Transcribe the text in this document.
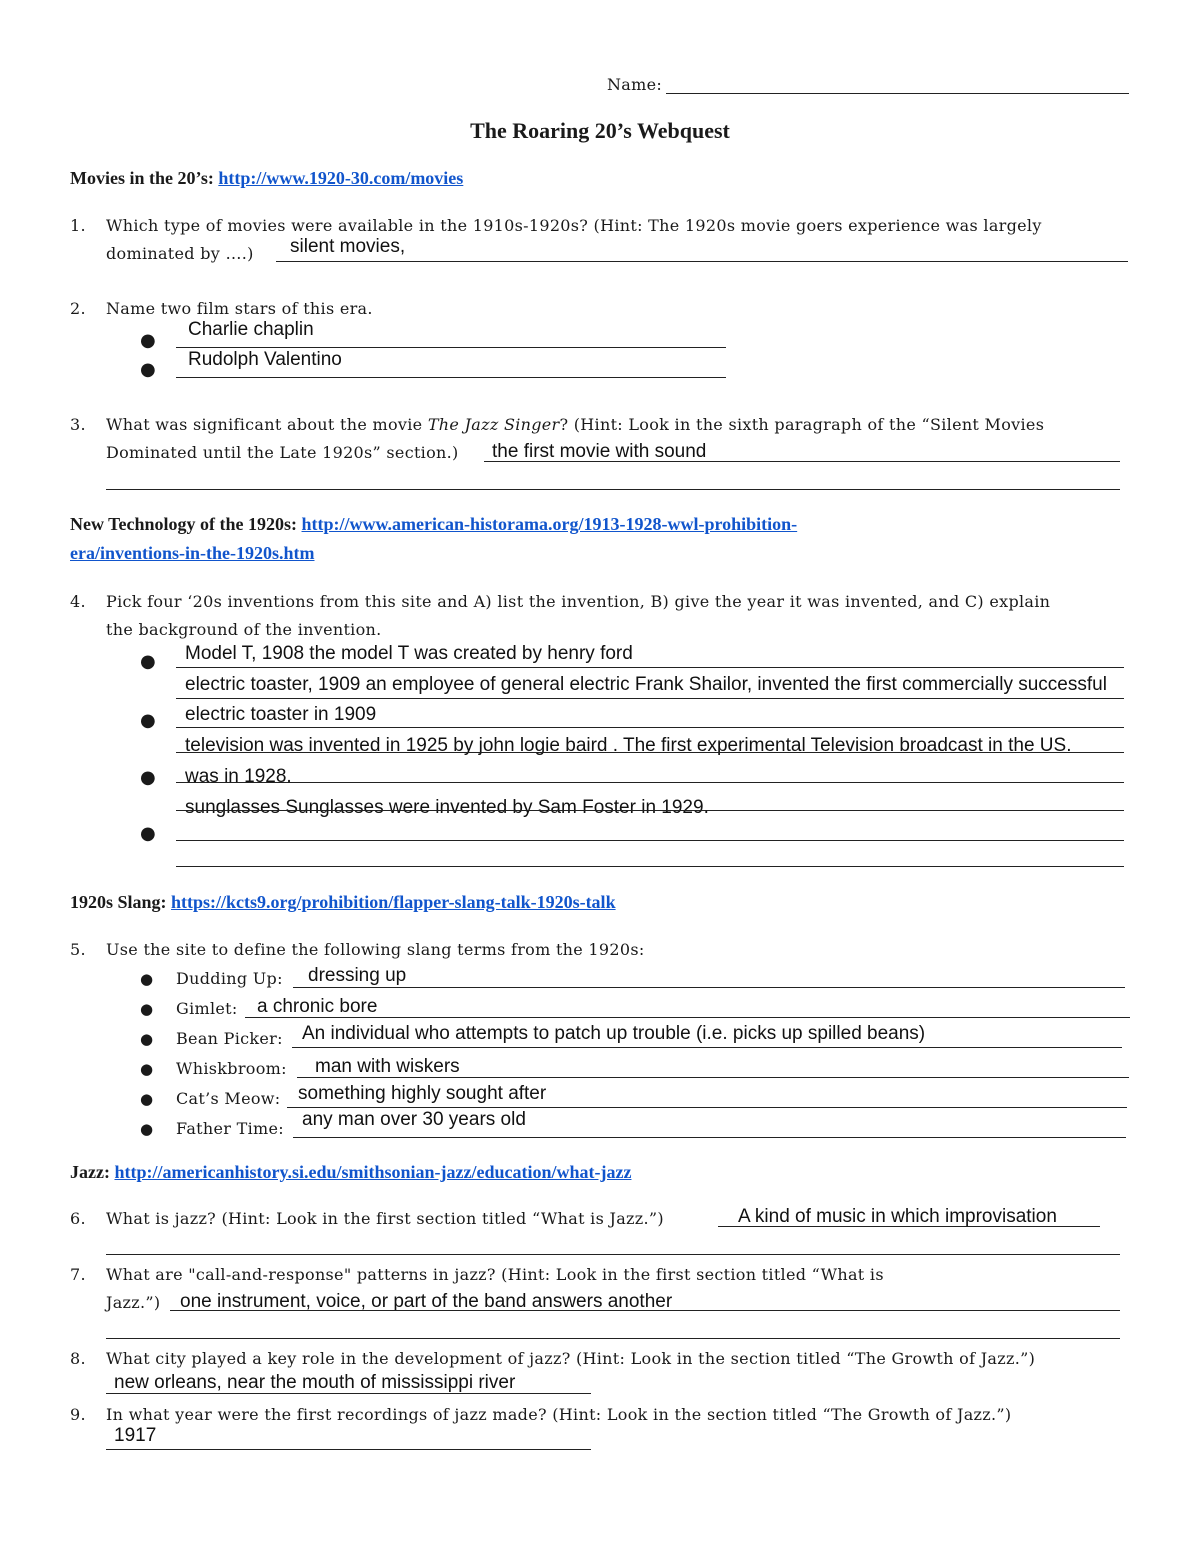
Name:
The Roaring 20’s Webquest
Movies in the 20’s: http://www.1920-30.com/movies
1. Which type of movies were available in the 1910s-1920s? (Hint: The 1920s movie goers experience was largely
dominated by ….) silent movies,
2. Name two film stars of this era.
●
Charlie chaplin
● Rudolph Valentino
3. What was significant about the movie The Jazz Singer? (Hint: Look in the sixth paragraph of the “Silent Movies
Dominated until the Late 1920s” section.) the first movie with sound
New Technology of the 1920s: http://www.american-historama.org/1913-1928-wwl-prohibition-
era/inventions-in-the-1920s.htm
4. Pick four ‘20s inventions from this site and A) list the invention, B) give the year it was invented, and C) explain
the background of the invention.
● Model T, 1908 the model T was created by henry ford
electric toaster, 1909 an employee of general electric Frank Shailor, invented the first commercially successful
● electric toaster in 1909
television was invented in 1925 by john logie baird . The first experimental Television broadcast in the US.
● was in 1928.
sunglasses Sunglasses were invented by Sam Foster in 1929.
●
1920s Slang: https://kcts9.org/prohibition/flapper-slang-talk-1920s-talk
5. Use the site to define the following slang terms from the 1920s:
● Dudding Up: dressing up
● Gimlet: a chronic bore
● Bean Picker: An individual who attempts to patch up trouble (i.e. picks up spilled beans)
● Whiskbroom: man with wiskers
● Cat’s Meow: something highly sought after
● Father Time: any man over 30 years old
Jazz: http://americanhistory.si.edu/smithsonian-jazz/education/what-jazz
6. What is jazz? (Hint: Look in the first section titled “What is Jazz.”)	A kind of music in which improvisation
7. What are "call-and-response" patterns in jazz? (Hint: Look in the first section titled “What is
Jazz.”) one instrument, voice, or part of the band answers another
8. What city played a key role in the development of jazz? (Hint: Look in the section titled “The Growth of Jazz.”)
new orleans, near the mouth of mississippi river
9. In what year were the first recordings of jazz made? (Hint: Look in the section titled “The Growth of Jazz.”)
1917
